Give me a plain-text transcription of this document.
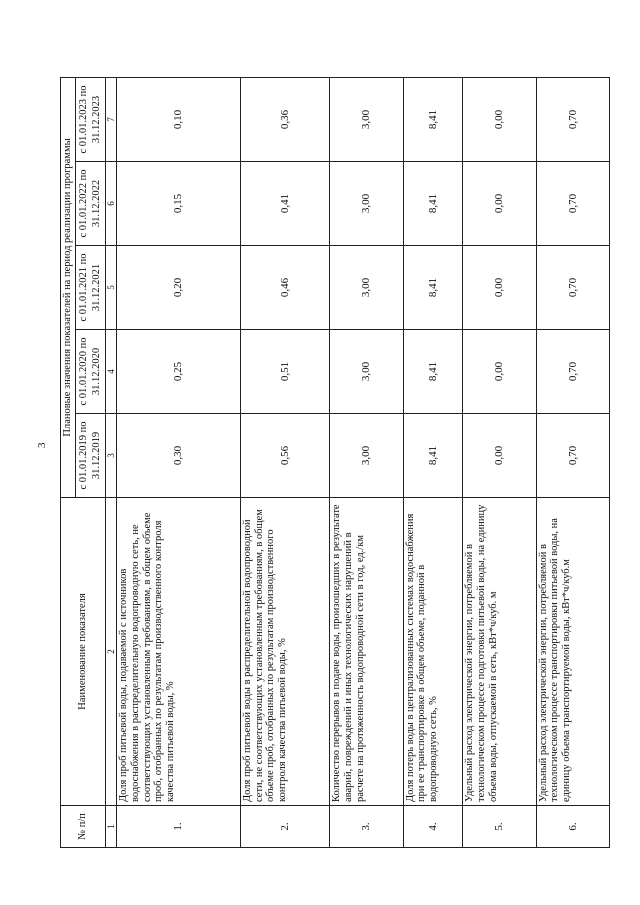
3
№ п/п	Наименование показателя	Плановые значения показателей на период реализации программы				
		с 01.01.2019 по 31.12.2019	с 01.01.2020 по 31.12.2020	с 01.01.2021 по 31.12.2021	с 01.01.2022 по 31.12.2022	с 01.01.2023 по 31.12.2023
1	2	3	4	5	6	7
1.	Доля проб питьевой воды, подаваемой с источников водоснабжения в распределительную водопроводную сеть, не соответствующих установленным требованиям, в общем объеме проб, отобранных по результатам производственного контроля качества питьевой воды, %	0,30	0,25	0,20	0,15	0,10
2.	Доля проб питьевой воды в распределительной водопроводной сети, не соответствующих установленным требованиям, в общем объеме проб, отобранных по результатам производственного контроля качества питьевой воды, %	0,56	0,51	0,46	0,41	0,36
3.	Количество перерывов в подаче воды, произошедших в результате аварий, повреждений и иных технологических нарушений в расчете на протяженность водопроводной сети в год, ед./км	3,00	3,00	3,00	3,00	3,00
4.	Доля потерь воды в централизованных системах водоснабжения при ее транспортировке в общем объеме, поданной в водопроводную сеть, %	8,41	8,41	8,41	8,41	8,41
5.	Удельный расход электрической энергии, потребляемой в технологическом процессе подготовки питьевой воды, на единицу объема воды, отпускаемой в сеть, кВт*ч/куб. м	0,00	0,00	0,00	0,00	0,00
6.	Удельный расход электрической энергии, потребляемой в технологическом процессе транспортировки питьевой воды, на единицу объема транспортируемой воды, кВт*ч/куб.м	0,70	0,70	0,70	0,70	0,70
